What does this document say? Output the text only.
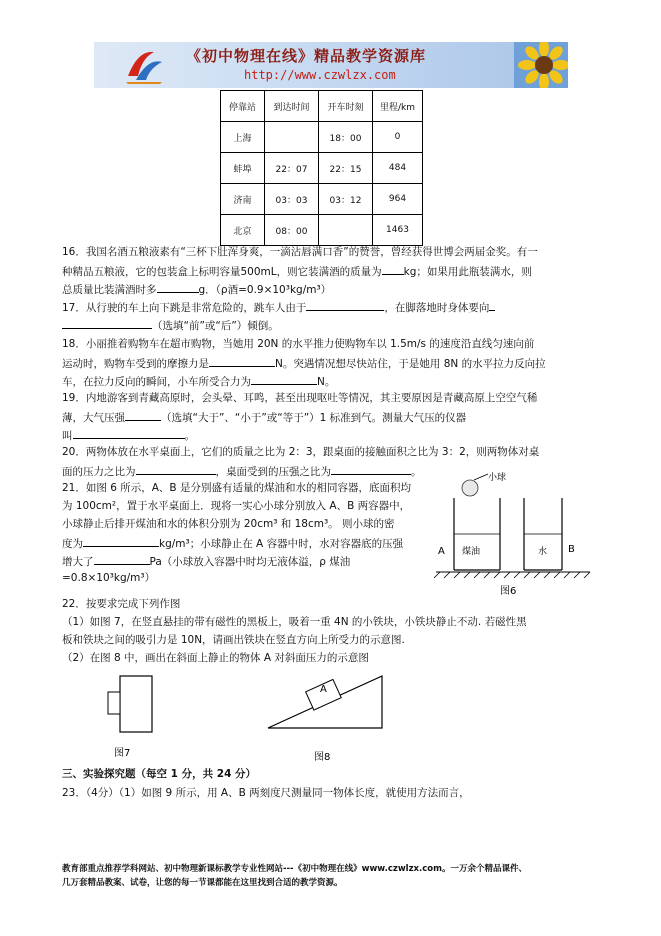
《初中物理在线》精品教学资源库
http://www.czwlzx.com
停靠站	到达时间	开车时刻	里程/km
上海		18：00	0
蚌埠	22：07	22：15	484
济南	03：03	03：12	964
北京	08：00		1463
16．我国名酒五粮液素有“三杯下肚浑身爽，一滴沾唇满口香”的赞誉，曾经获得世博会两届金奖。有一
种精品五粮液，它的包装盒上标明容量500mL，则它装满酒的质量为 kg；如果用此瓶装满水，则
总质量比装满酒时多	g．（ρ酒=0.9×10³kg/m³）
17．从行驶的车上向下跳是非常危险的，跳车人由于	，在脚落地时身体要向
（选填“前”或“后”）倾倒。
18．小丽推着购物车在超市购物，当她用 20N 的水平推力使购物车以 1.5m/s 的速度沿直线匀速向前
运动时，购物车受到的摩擦力是	N。突遇情况想尽快站住，于是她用 8N 的水平拉力反向拉
车，在拉力反向的瞬间，小车所受合力为	N。
19．内地游客到青藏高原时，会头晕、耳鸣，甚至出现呕吐等情况，其主要原因是青藏高原上空空气稀
薄，大气压强	（选填“大于”、“小于”或“等于”）1 标准到气。测量大气压的仪器
叫	。
20．两物体放在水平桌面上，它们的质量之比为 2：3，跟桌面的接触面积之比为 3：2，则两物体对桌
面的压力之比为	，桌面受到的压强之比为	。
21．如图 6 所示，A、B 是分别盛有适量的煤油和水的相同容器，底面积均
为 100cm²，置于水平桌面上．现将一实心小球分别放入 A、B 两容器中，
小球静止后排开煤油和水的体积分别为 20cm³ 和 18cm³。 则小球的密
度为	kg/m³；小球静止在 A 容器中时，水对容器底的压强
增大了	Pa（小球放入容器中时均无液体溢，ρ 煤油
=0.8×10³kg/m³）
小球
煤油
A	水 B
图6
22．按要求完成下列作图
（1）如图 7，在竖直悬挂的带有磁性的黑板上，吸着一重 4N 的小铁块，小铁块静止不动. 若磁性黑
板和铁块之间的吸引力是 10N，请画出铁块在竖直方向上所受力的示意图.
（2）在图 8 中，画出在斜面上静止的物体 A 对斜面压力的示意图
图7
A
图8
三、实验探究题（每空 1 分，共 24 分）
23．（4分）（1）如图 9 所示，用 A、B 两刻度尺测量同一物体长度，就使用方法而言，
教育部重点推荐学科网站、初中物理新课标教学专业性网站---《初中物理在线》www.czwlzx.com。一万余个精品课件、
几万套精品教案、试卷，让您的每一节课都能在这里找到合适的教学资源。
